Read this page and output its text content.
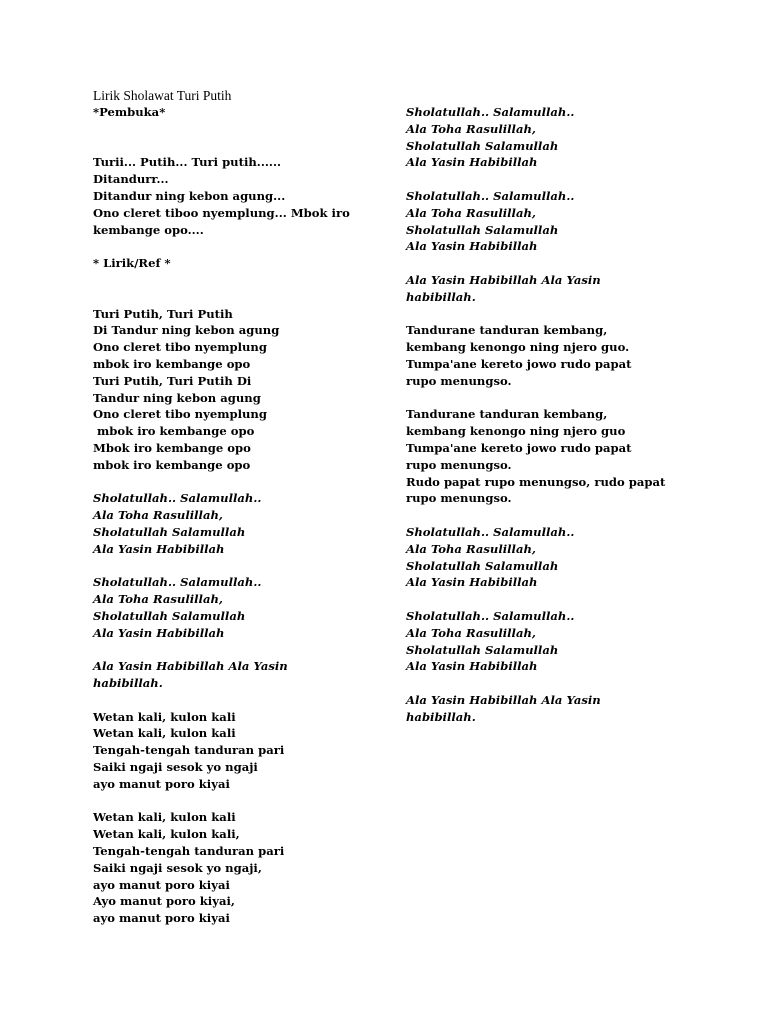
Lirik Sholawat Turi Putih
*Pembuka*
Turii... Putih... Turi putih......
Ditandurr...
Ditandur ning kebon agung...
Ono cleret tiboo nyemplung... Mbok iro
kembange opo....
* Lirik/Ref *
Turi Putih, Turi Putih
Di Tandur ning kebon agung
Ono cleret tibo nyemplung
mbok iro kembange opo
Turi Putih, Turi Putih Di
Tandur ning kebon agung
Ono cleret tibo nyemplung
mbok iro kembange opo
Mbok iro kembange opo
mbok iro kembange opo
Sholatullah.. Salamullah..
Ala Toha Rasulillah,
Sholatullah Salamullah
Ala Yasin Habibillah
Sholatullah.. Salamullah..
Ala Toha Rasulillah,
Sholatullah Salamullah
Ala Yasin Habibillah
Ala Yasin Habibillah Ala Yasin
habibillah.
Wetan kali, kulon kali
Wetan kali, kulon kali
Tengah-tengah tanduran pari
Saiki ngaji sesok yo ngaji
ayo manut poro kiyai
Wetan kali, kulon kali
Wetan kali, kulon kali,
Tengah-tengah tanduran pari
Saiki ngaji sesok yo ngaji,
ayo manut poro kiyai
Ayo manut poro kiyai,
ayo manut poro kiyai
Sholatullah.. Salamullah..
Ala Toha Rasulillah,
Sholatullah Salamullah
Ala Yasin Habibillah
Sholatullah.. Salamullah..
Ala Toha Rasulillah,
Sholatullah Salamullah
Ala Yasin Habibillah
Ala Yasin Habibillah Ala Yasin
habibillah.
Tandurane tanduran kembang,
kembang kenongo ning njero guo.
Tumpa'ane kereto jowo rudo papat
rupo menungso.
Tandurane tanduran kembang,
kembang kenongo ning njero guo
Tumpa'ane kereto jowo rudo papat
rupo menungso.
Rudo papat rupo menungso, rudo papat
rupo menungso.
Sholatullah.. Salamullah..
Ala Toha Rasulillah,
Sholatullah Salamullah
Ala Yasin Habibillah
Sholatullah.. Salamullah..
Ala Toha Rasulillah,
Sholatullah Salamullah
Ala Yasin Habibillah
Ala Yasin Habibillah Ala Yasin
habibillah.
